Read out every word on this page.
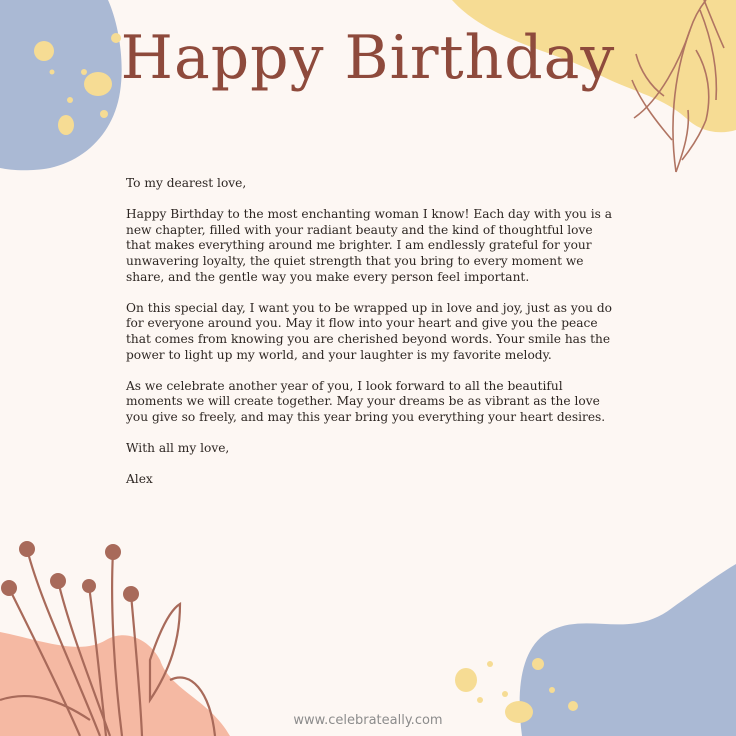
Happy Birthday

To my dearest love,

Happy Birthday to the most enchanting woman I know! Each day with you is a new chapter, filled with your radiant beauty and the kind of thoughtful love that makes everything around me brighter. I am endlessly grateful for your unwavering loyalty, the quiet strength that you bring to every moment we share, and the gentle way you make every person feel important.

On this special day, I want you to be wrapped up in love and joy, just as you do for everyone around you. May it flow into your heart and give you the peace that comes from knowing you are cherished beyond words. Your smile has the power to light up my world, and your laughter is my favorite melody.

As we celebrate another year of you, I look forward to all the beautiful moments we will create together. May your dreams be as vibrant as the love you give so freely, and may this year bring you everything your heart desires.

With all my love,

Alex

www.celebrateally.com
